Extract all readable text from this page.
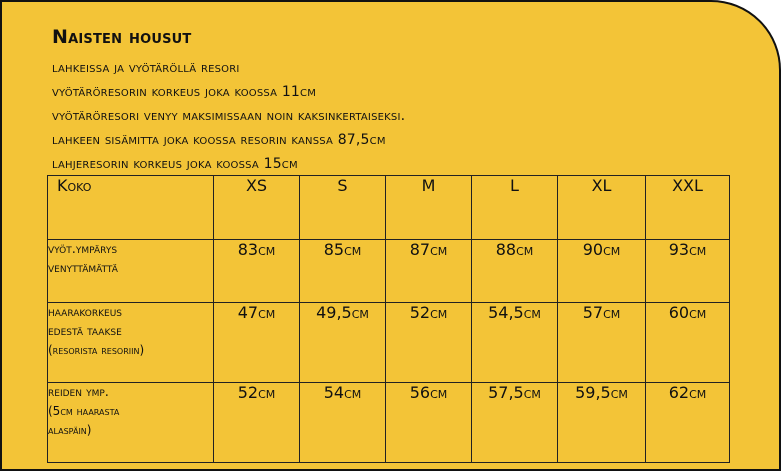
Naisten housut
lahkeissa ja vyötäröllä resori
vyötäröresorin korkeus joka koossa 11cm
vyötäröresori venyy maksimissaan noin kaksinkertaiseksi.
lahkeen sisämitta joka koossa resorin kanssa 87,5cm
lahjeresorin korkeus joka koossa 15cm
Koko	XS	S	M	L	XL	XXL

vyöt.ympärys
venyttämättä	83cm	85cm	87cm	88cm	90cm	93cm

haarakorkeus
edestä taakse
(resorista resoriin)	47cm	49,5cm	52cm	54,5cm	57cm	60cm

reiden ymp.
(5cm haarasta
alaspäin)	52cm	54cm	56cm	57,5cm	59,5cm	62cm
